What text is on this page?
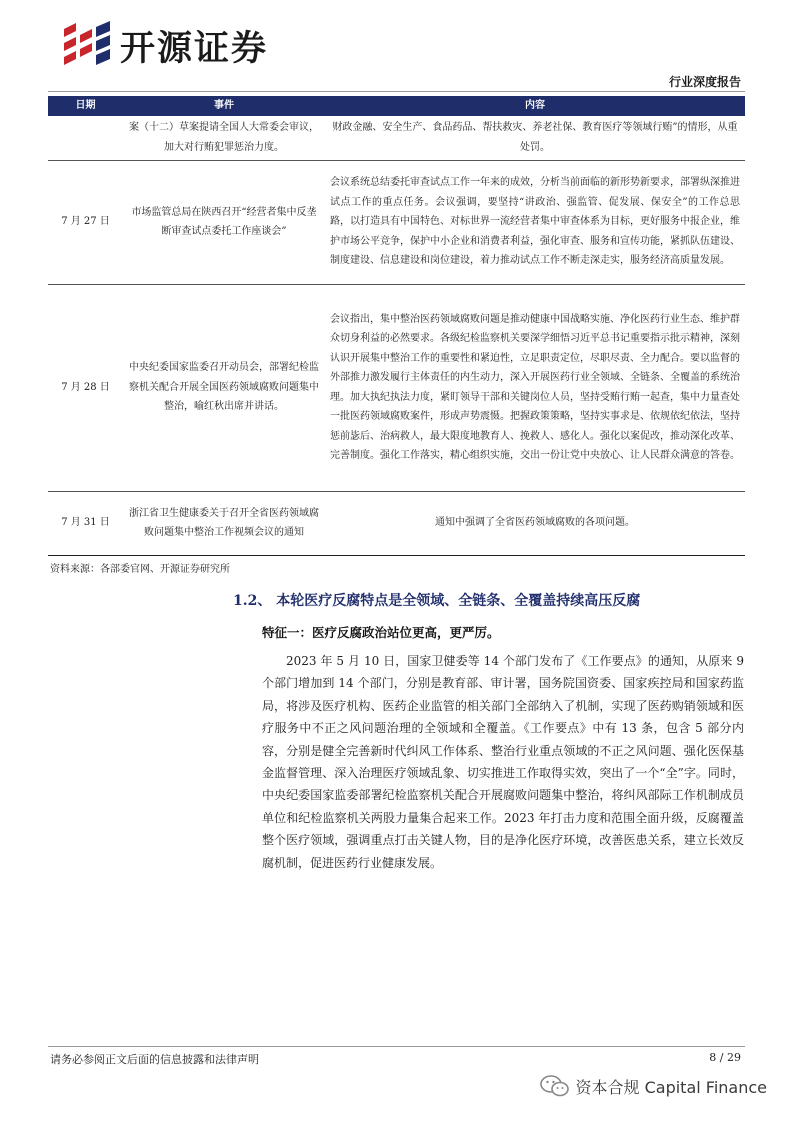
开源证券
行业深度报告
日期	事件	内容
	案（十二）草案提请全国人大常委会审议，加大对行贿犯罪惩治力度。	财政金融、安全生产、食品药品、帮扶救灾、养老社保、教育医疗等领域行贿”的情形，从重处罚。
7 月 27 日	市场监管总局在陕西召开“经营者集中反垄断审查试点委托工作座谈会”	会议系统总结委托审查试点工作一年来的成效，分析当前面临的新形势新要求，部署纵深推进试点工作的重点任务。会议强调，要坚持“讲政治、强监管、促发展、保安全”的工作总思路，以打造具有中国特色、对标世界一流经营者集中审查体系为目标，更好服务中报企业，维护市场公平竞争，保护中小企业和消费者利益，强化审查、服务和宣传功能，紧抓队伍建设、制度建设、信息建设和岗位建设，着力推动试点工作不断走深走实，服务经济高质量发展。
7 月 28 日	中央纪委国家监委召开动员会，部署纪检监察机关配合开展全国医药领域腐败问题集中整治，喻红秋出席并讲话。	会议指出，集中整治医药领域腐败问题是推动健康中国战略实施、净化医药行业生态、维护群众切身利益的必然要求。各级纪检监察机关要深学细悟习近平总书记重要指示批示精神，深刻认识开展集中整治工作的重要性和紧迫性，立足职责定位，尽职尽责、全力配合。要以监督的外部推力激发履行主体责任的内生动力，深入开展医药行业全领域、全链条、全覆盖的系统治理。加大执纪执法力度，紧盯领导干部和关键岗位人员，坚持受贿行贿一起查，集中力量查处一批医药领域腐败案件，形成声势震慑。把握政策策略，坚持实事求是、依规依纪依法，坚持惩前毖后、治病救人，最大限度地教育人、挽救人、感化人。强化以案促改，推动深化改革、完善制度。强化工作落实，精心组织实施，交出一份让党中央放心、让人民群众满意的答卷。
7 月 31 日	浙江省卫生健康委关于召开全省医药领域腐败问题集中整治工作视频会议的通知	通知中强调了全省医药领域腐败的各项问题。
资料来源：各部委官网、开源证券研究所
1.2、 本轮医疗反腐特点是全领域、全链条、全覆盖持续高压反腐
特征一：医疗反腐政治站位更高，更严厉。

2023 年 5 月 10 日，国家卫健委等 14 个部门发布了《工作要点》的通知，从原来 9 个部门增加到 14 个部门，分别是教育部、审计署，国务院国资委、国家疾控局和国家药监局，将涉及医疗机构、医药企业监管的相关部门全部纳入了机制，实现了医药购销领域和医疗服务中不正之风问题治理的全领域和全覆盖。《工作要点》中有 13 条，包含 5 部分内容，分别是健全完善新时代纠风工作体系、整治行业重点领域的不正之风问题、强化医保基金监督管理、深入治理医疗领域乱象、切实推进工作取得实效，突出了一个“全”字。同时，中央纪委国家监委部署纪检监察机关配合开展腐败问题集中整治，将纠风部际工作机制成员单位和纪检监察机关两股力量集合起来工作。2023 年打击力度和范围全面升级，反腐覆盖整个医疗领域，强调重点打击关键人物，目的是净化医疗环境，改善医患关系，建立长效反腐机制，促进医药行业健康发展。

请务必参阅正文后面的信息披露和法律声明	8 / 29
资本合规 Capital Finance
